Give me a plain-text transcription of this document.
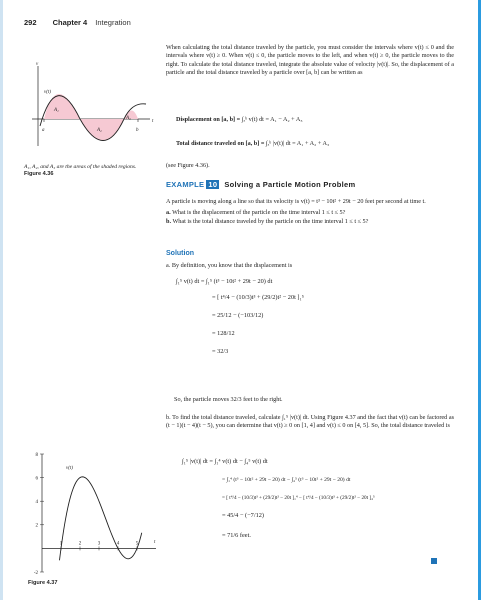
292 Chapter 4 Integration
v(t)
A₁
A₂
A₃
a	b
t
v
A₁, A₂, and A₃ are the areas of the shaded regions.
Figure 4.36

When calculating the total distance traveled by the particle, you must consider the intervals where v(t) ≤ 0 and the intervals where v(t) ≥ 0. When v(t) ≤ 0, the particle moves to the left, and when v(t) ≥ 0, the particle moves to the right. To calculate the total distance traveled, integrate the absolute value of velocity |v(t)|. So, the displacement of a particle and the total distance traveled by a particle over [a, b] can be written as

Displacement on [a, b] = ∫ₐᵇ v(t) dt = A₁ − A₂ + A₃
Total distance traveled on [a, b] = ∫ₐᵇ |v(t)| dt = A₁ + A₂ + A₃
(see Figure 4.36).
EXAMPLE 10 Solving a Particle Motion Problem

A particle is moving along a line so that its velocity is v(t) = t³ − 10t² + 29t − 20 feet per second at time t.

a. What is the displacement of the particle on the time interval 1 ≤ t ≤ 5?

b. What is the total distance traveled by the particle on the time interval 1 ≤ t ≤ 5?

Solution
a. By definition, you know that the displacement is
∫₁⁵ v(t) dt = ∫₁⁵ (t³ − 10t² + 29t − 20) dt
= [ t⁴/4 − (10/3)t³ + (29/2)t² − 20t ]₁⁵
= 25/12 − (−103/12)
= 128/12
= 32/3
So, the particle moves 32/3 feet to the right.

b. To find the total distance traveled, calculate ∫₁⁵ |v(t)| dt. Using Figure 4.37 and the fact that v(t) can be factored as (t − 1)(t − 4)(t − 5), you can determine that v(t) ≥ 0 on [1, 4] and v(t) ≤ 0 on [4, 5]. So, the total distance traveled is

∫₁⁵ |v(t)| dt = ∫₁⁴ v(t) dt − ∫₄⁵ v(t) dt
= ∫₁⁴ (t³ − 10t² + 29t − 20) dt − ∫₄⁵ (t³ − 10t² + 29t − 20) dt
= [ t⁴/4 − (10/3)t³ + (29/2)t² − 20t ]₁⁴ − [ t⁴/4 − (10/3)t³ + (29/2)t² − 20t ]₄⁵
= 45/4 − (−7/12)
= 71/6 feet.
8
6
4
2
-2
1	2	3	4	5
v(t)
t
Figure 4.37
